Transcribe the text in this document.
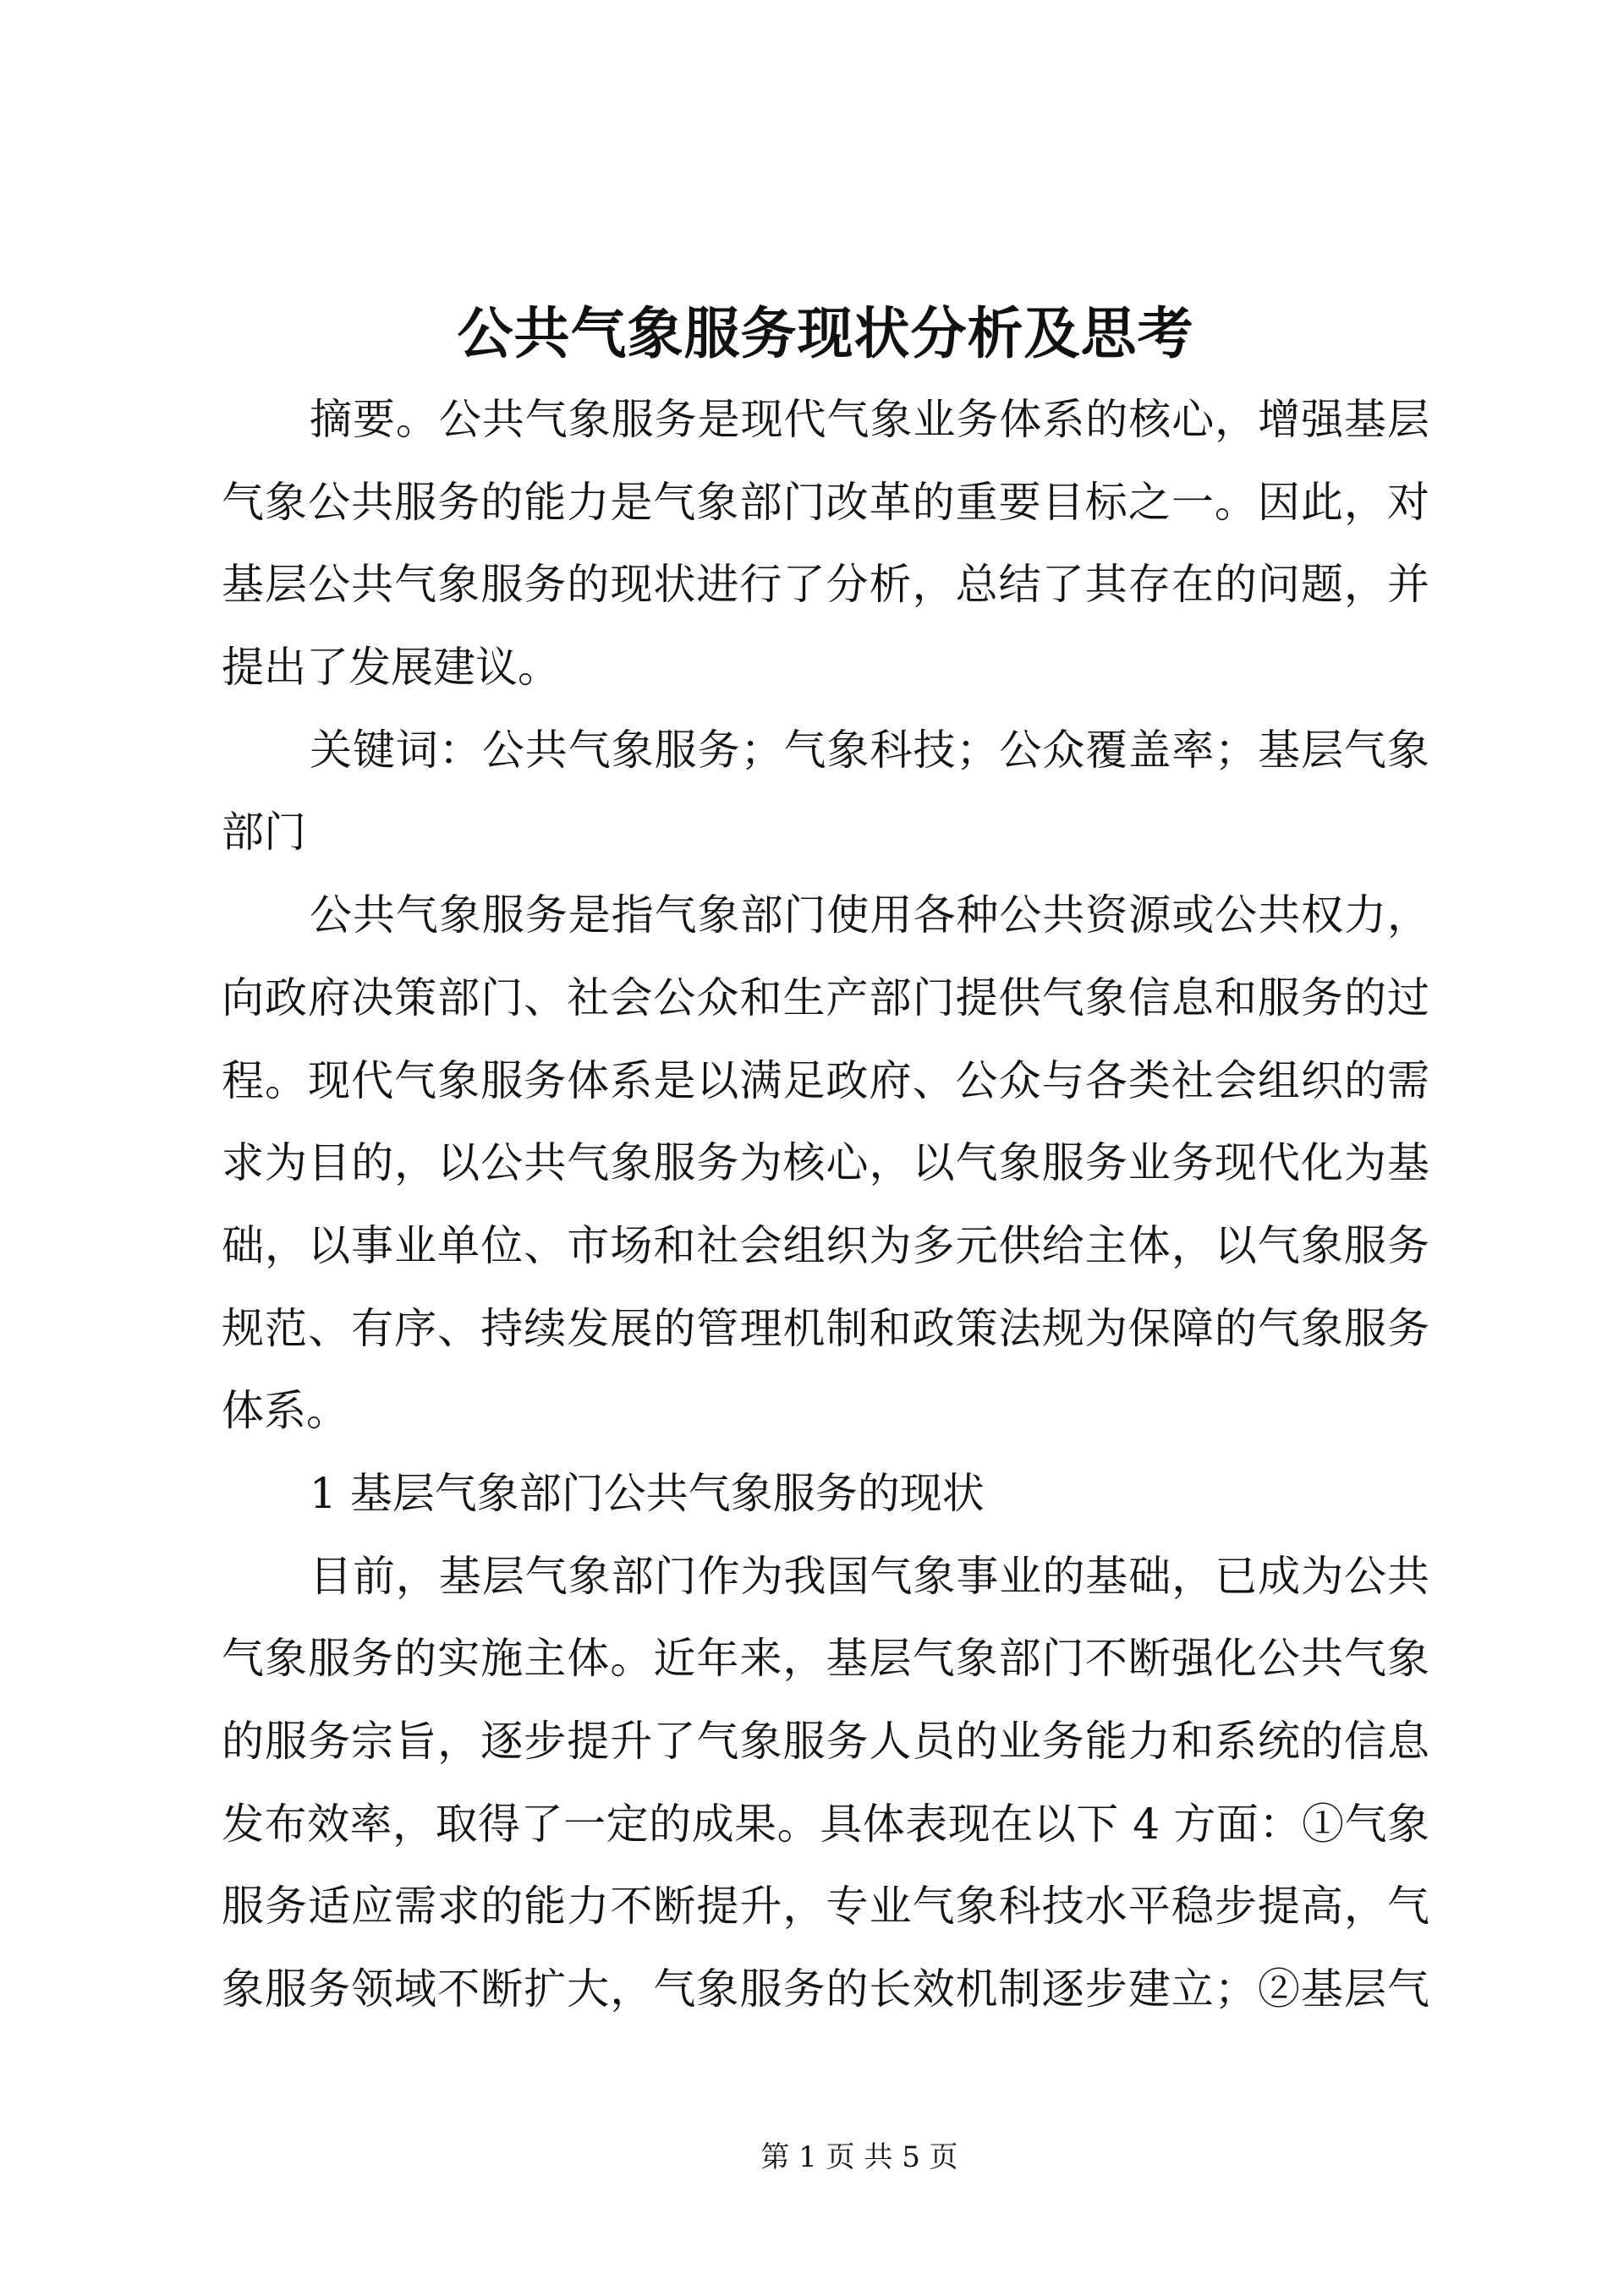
公共气象服务现状分析及思考
摘要。公共气象服务是现代气象业务体系的核心，增强基层
气象公共服务的能力是气象部门改革的重要目标之一。因此，对
基层公共气象服务的现状进行了分析，总结了其存在的问题，并
提出了发展建议。
关键词：公共气象服务；气象科技；公众覆盖率；基层气象
部门
公共气象服务是指气象部门使用各种公共资源或公共权力，
向政府决策部门、社会公众和生产部门提供气象信息和服务的过
程。现代气象服务体系是以满足政府、公众与各类社会组织的需
求为目的，以公共气象服务为核心，以气象服务业务现代化为基
础，以事业单位、市场和社会组织为多元供给主体，以气象服务
规范、有序、持续发展的管理机制和政策法规为保障的气象服务
体系。
1 基层气象部门公共气象服务的现状
目前，基层气象部门作为我国气象事业的基础，已成为公共
气象服务的实施主体。近年来，基层气象部门不断强化公共气象
的服务宗旨，逐步提升了气象服务人员的业务能力和系统的信息
发布效率，取得了一定的成果。具体表现在以下 4 方面：①气象
服务适应需求的能力不断提升，专业气象科技水平稳步提高，气
象服务领域不断扩大，气象服务的长效机制逐步建立；②基层气
第 1 页 共 5 页
